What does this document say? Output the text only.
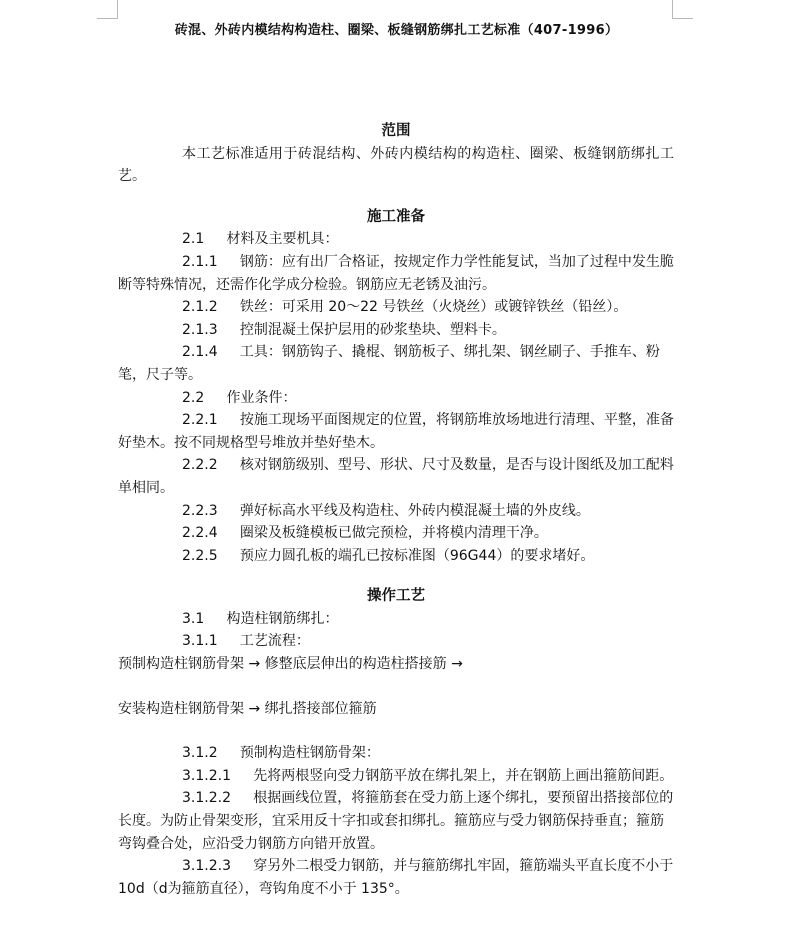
砖混、外砖内模结构构造柱、圈梁、板缝钢筋绑扎工艺标准（407-1996）
范围
本工艺标准适用于砖混结构、外砖内模结构的构造柱、圈梁、板缝钢筋绑扎工艺。
施工准备
2.1     材料及主要机具：
2.1.1     钢筋：应有出厂合格证，按规定作力学性能复试，当加了过程中发生脆断等特殊情况，还需作化学成分检验。钢筋应无老锈及油污。
2.1.2     铁丝：可采用 20～22 号铁丝（火烧丝）或镀锌铁丝（铅丝）。
2.1.3     控制混凝土保护层用的砂浆垫块、塑料卡。
2.1.4     工具：钢筋钩子、撬棍、钢筋板子、绑扎架、钢丝刷子、手推车、粉笔，尺子等。
2.2     作业条件：
2.2.1     按施工现场平面图规定的位置，将钢筋堆放场地进行清理、平整，准备好垫木。按不同规格型号堆放并垫好垫木。
2.2.2     核对钢筋级别、型号、形状、尺寸及数量，是否与设计图纸及加工配料单相同。
2.2.3     弹好标高水平线及构造柱、外砖内模混凝土墙的外皮线。
2.2.4     圈梁及板缝模板已做完预检，并将模内清理干净。
2.2.5     预应力圆孔板的端孔已按标准图（96G44）的要求堵好。
操作工艺
3.1     构造柱钢筋绑扎：
3.1.1     工艺流程：
预制构造柱钢筋骨架 → 修整底层伸出的构造柱搭接筋 →
安装构造柱钢筋骨架 → 绑扎搭接部位箍筋
3.1.2     预制构造柱钢筋骨架：
3.1.2.1     先将两根竖向受力钢筋平放在绑扎架上，并在钢筋上画出箍筋间距。
3.1.2.2     根据画线位置，将箍筋套在受力筋上逐个绑扎，要预留出搭接部位的长度。为防止骨架变形，宜采用反十字扣或套扣绑扎。箍筋应与受力钢筋保持垂直；箍筋弯钩叠合处，应沿受力钢筋方向错开放置。
3.1.2.3     穿另外二根受力钢筋，并与箍筋绑扎牢固，箍筋端头平直长度不小于 10d（d为箍筋直径），弯钩角度不小于 135°。
